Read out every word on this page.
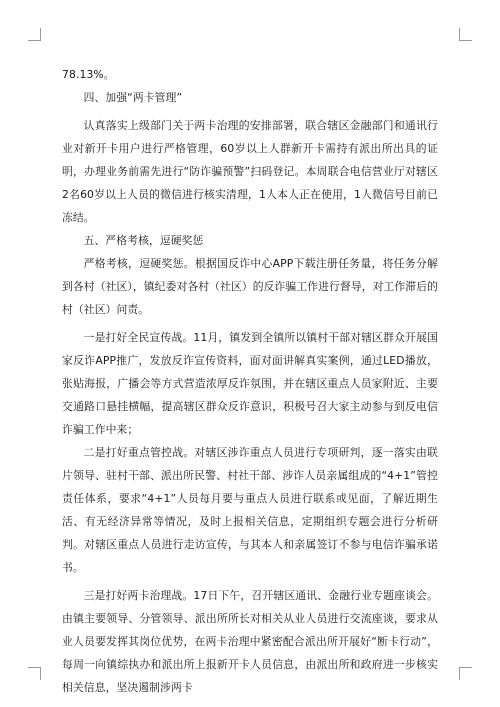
78.13%。

四、加强“两卡管理”

认真落实上级部门关于两卡治理的安排部署，联合辖区金融部门和通讯行业对新开卡用户进行严格管理，60岁以上人群新开卡需持有派出所出具的证明，办理业务前需先进行“防诈骗预警”扫码登记。本周联合电信营业厅对辖区2名60岁以上人员的微信进行核实清理，1人本人正在使用，1人微信号目前已冻结。

五、严格考核，逗硬奖惩

严格考核，逗硬奖惩。根据国反诈中心APP下载注册任务量，将任务分解到各村（社区），镇纪委对各村（社区）的反诈骗工作进行督导，对工作滞后的村（社区）问责。

一是打好全民宣传战。11月，镇发到全镇所以镇村干部对辖区群众开展国家反诈APP推广，发放反诈宣传资料，面对面讲解真实案例，通过LED播放，张贴海报，广播会等方式营造浓厚反诈氛围，并在辖区重点人员家附近、主要交通路口悬挂横幅，提高辖区群众反诈意识，积极号召大家主动参与到反电信诈骗工作中来；

二是打好重点管控战。对辖区涉诈重点人员进行专项研判，逐一落实由联片领导、驻村干部、派出所民警、村社干部、涉诈人员亲属组成的“4+1”管控责任体系，要求“4+1”人员每月要与重点人员进行联系或见面，了解近期生活、有无经济异常等情况，及时上报相关信息，定期组织专题会进行分析研判。对辖区重点人员进行走访宣传，与其本人和亲属签订不参与电信诈骗承诺书。

三是打好两卡治理战。17日下午，召开辖区通讯、金融行业专题座谈会。由镇主要领导、分管领导、派出所所长对相关从业人员进行交流座谈，要求从业人员要发挥其岗位优势，在两卡治理中紧密配合派出所开展好“断卡行动”，每周一向镇综执办和派出所上报新开卡人员信息，由派出所和政府进一步核实相关信息，坚决遏制涉两卡
